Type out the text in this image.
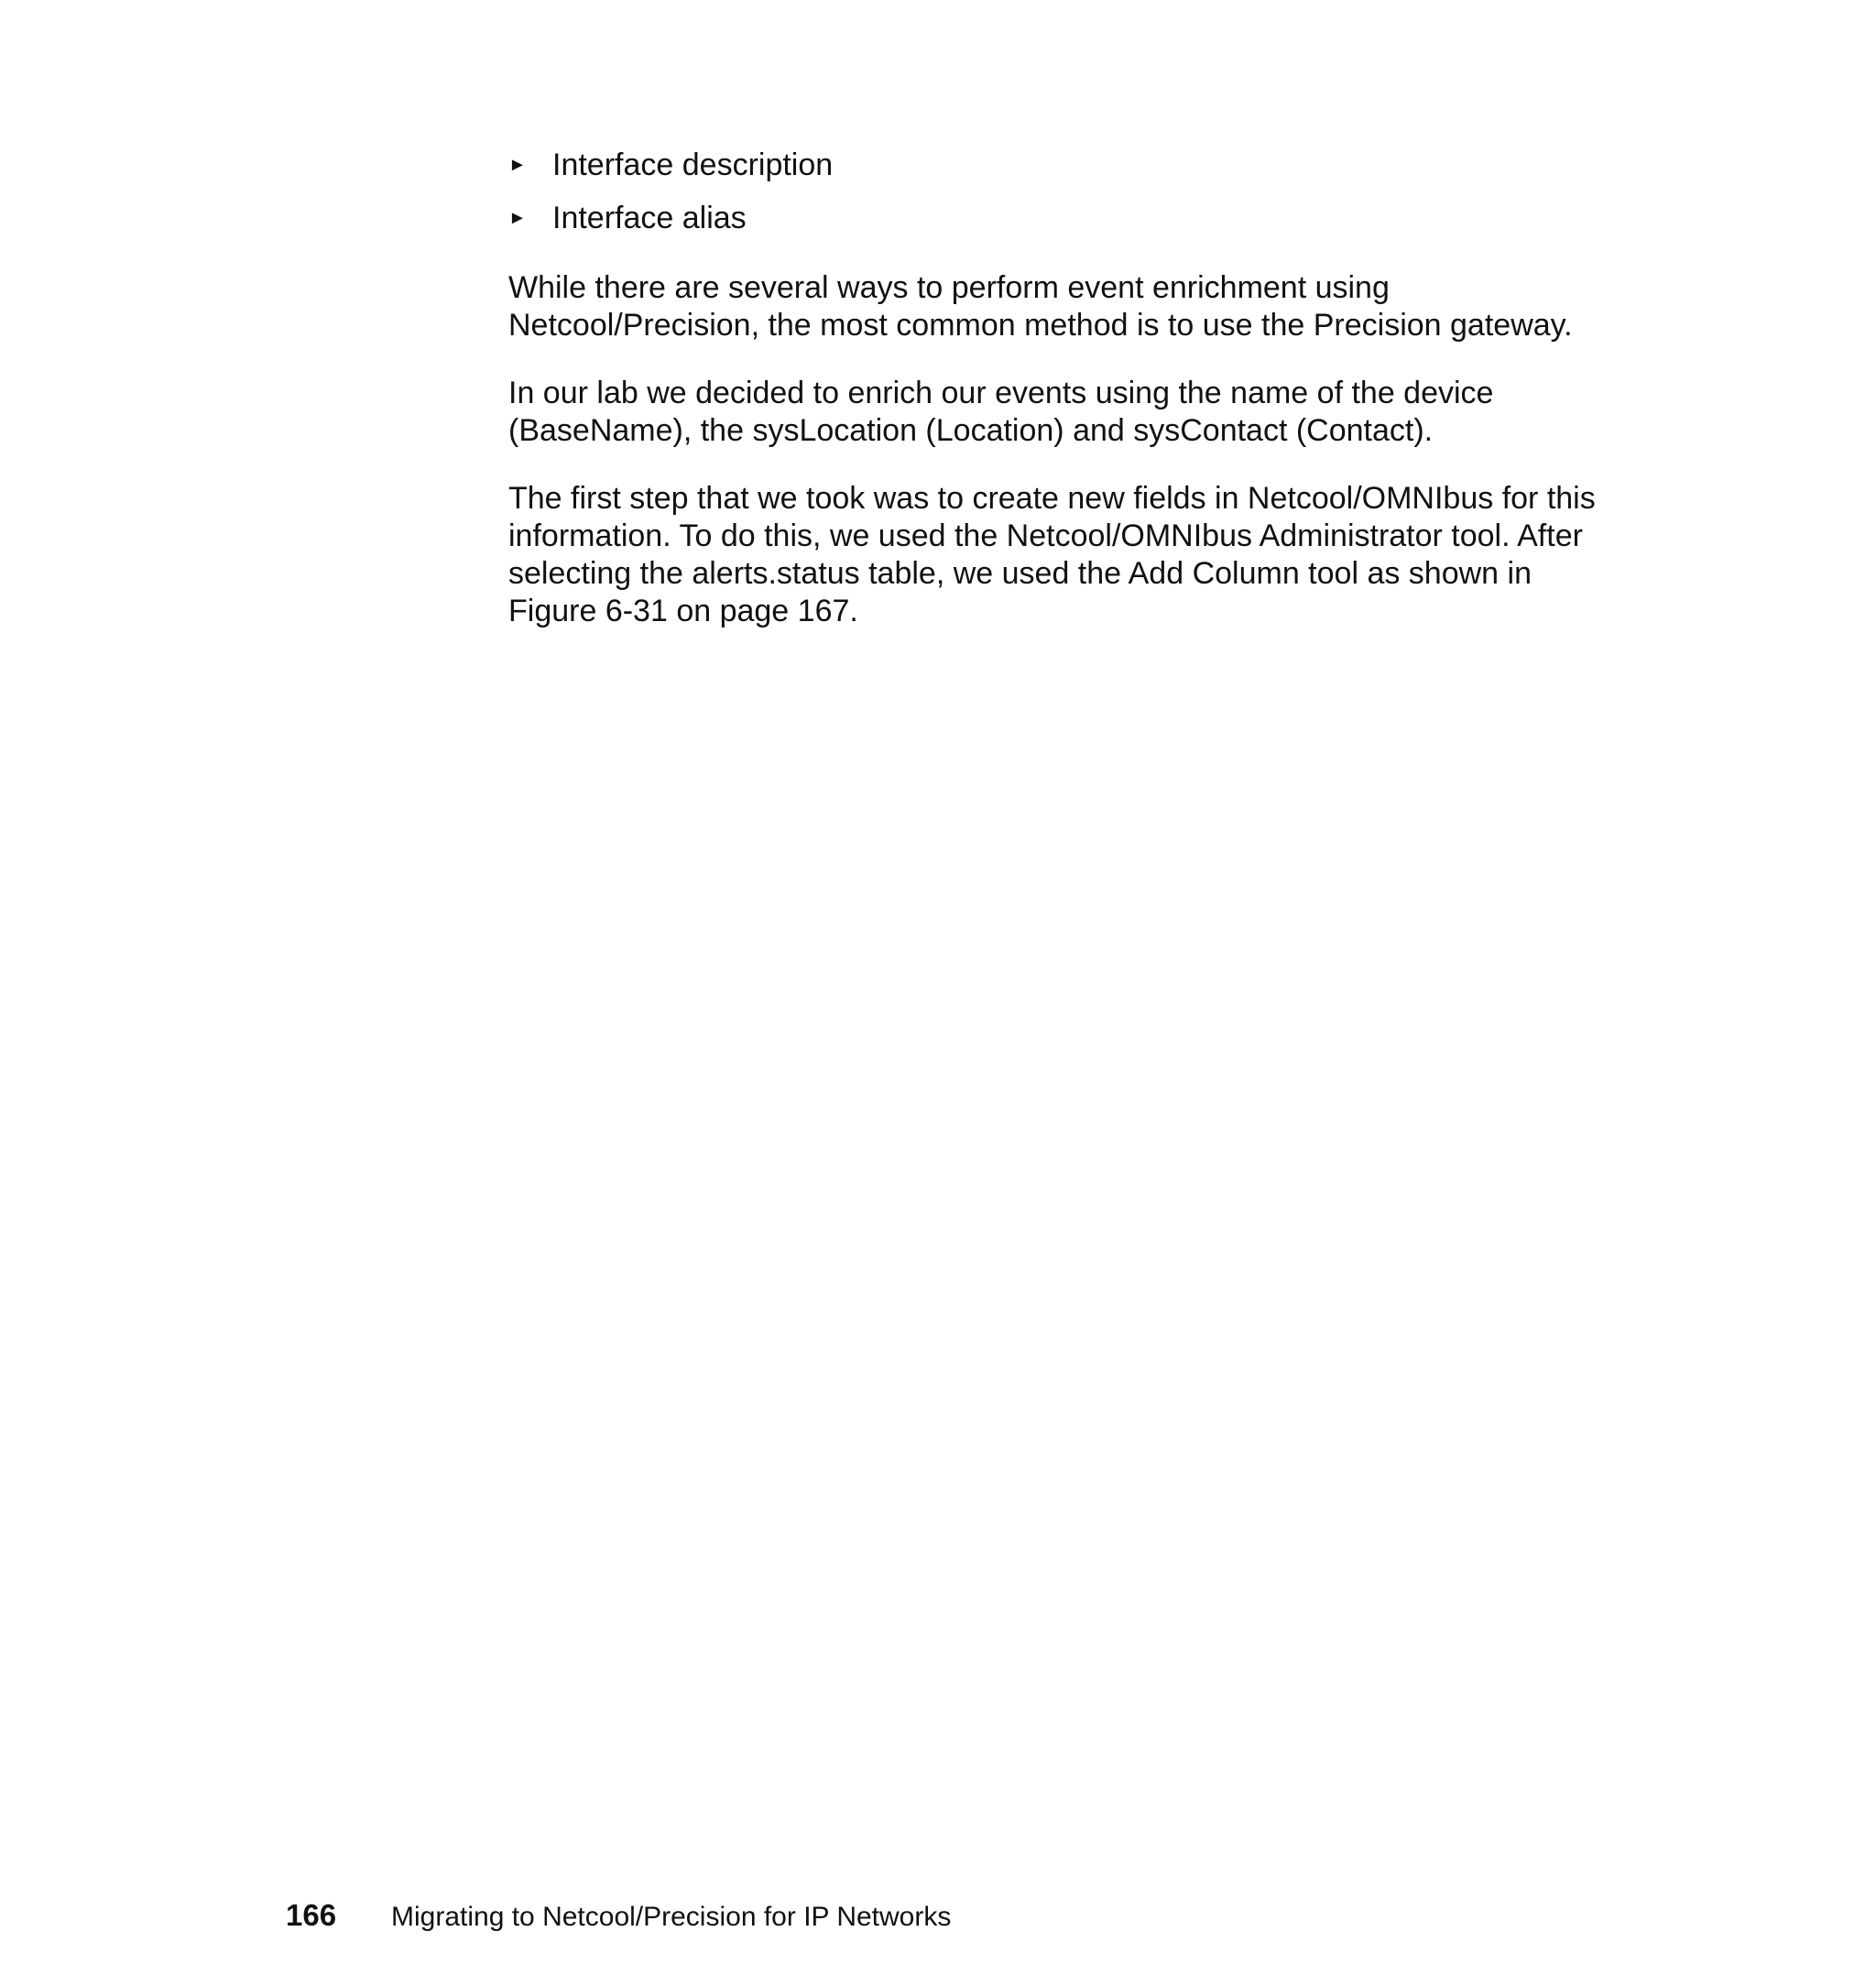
► Interface description
► Interface alias

While there are several ways to perform event enrichment using
Netcool/Precision, the most common method is to use the Precision gateway.

In our lab we decided to enrich our events using the name of the device
(BaseName), the sysLocation (Location) and sysContact (Contact).

The first step that we took was to create new fields in Netcool/OMNIbus for this
information. To do this, we used the Netcool/OMNIbus Administrator tool. After
selecting the alerts.status table, we used the Add Column tool as shown in
Figure 6-31 on page 167.

166	Migrating to Netcool/Precision for IP Networks
